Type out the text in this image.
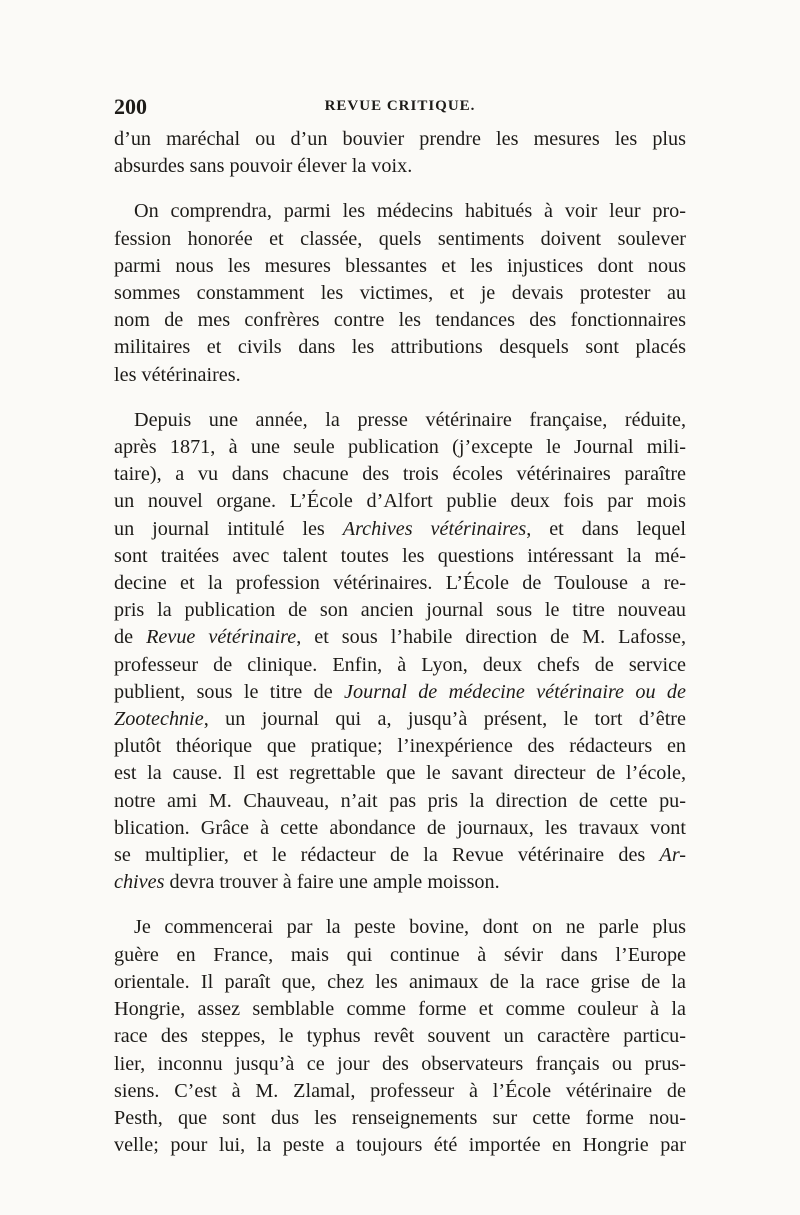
200	REVUE CRITIQUE.
d’un maréchal ou d’un bouvier prendre les mesures les plus
absurdes sans pouvoir élever la voix.
On comprendra, parmi les médecins habitués à voir leur pro-
fession honorée et classée, quels sentiments doivent soulever
parmi nous les mesures blessantes et les injustices dont nous
sommes constamment les victimes, et je devais protester au
nom de mes confrères contre les tendances des fonctionnaires
militaires et civils dans les attributions desquels sont placés
les vétérinaires.
Depuis une année, la presse vétérinaire française, réduite,
après 1871, à une seule publication (j’excepte le Journal mili-
taire), a vu dans chacune des trois écoles vétérinaires paraître
un nouvel organe. L’École d’Alfort publie deux fois par mois
un journal intitulé les Archives vétérinaires, et dans lequel
sont traitées avec talent toutes les questions intéressant la mé-
decine et la profession vétérinaires. L’École de Toulouse a re-
pris la publication de son ancien journal sous le titre nouveau
de Revue vétérinaire, et sous l’habile direction de M. Lafosse,
professeur de clinique. Enfin, à Lyon, deux chefs de service
publient, sous le titre de Journal de médecine vétérinaire ou de
Zootechnie, un journal qui a, jusqu’à présent, le tort d’être
plutôt théorique que pratique; l’inexpérience des rédacteurs en
est la cause. Il est regrettable que le savant directeur de l’école,
notre ami M. Chauveau, n’ait pas pris la direction de cette pu-
blication. Grâce à cette abondance de journaux, les travaux vont
se multiplier, et le rédacteur de la Revue vétérinaire des Ar-
chives devra trouver à faire une ample moisson.
Je commencerai par la peste bovine, dont on ne parle plus
guère en France, mais qui continue à sévir dans l’Europe
orientale. Il paraît que, chez les animaux de la race grise de la
Hongrie, assez semblable comme forme et comme couleur à la
race des steppes, le typhus revêt souvent un caractère particu-
lier, inconnu jusqu’à ce jour des observateurs français ou prus-
siens. C’est à M. Zlamal, professeur à l’École vétérinaire de
Pesth, que sont dus les renseignements sur cette forme nou-
velle; pour lui, la peste a toujours été importée en Hongrie par
